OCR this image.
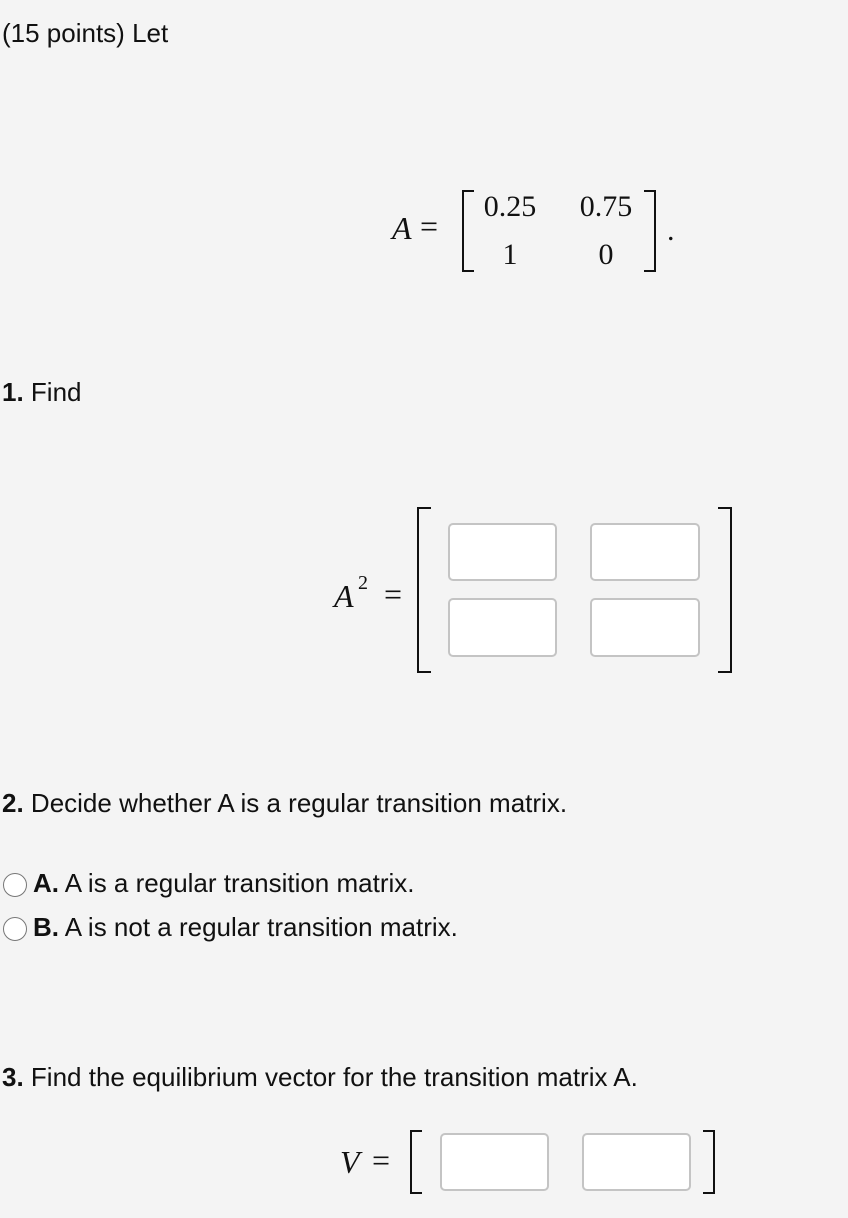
(15 points) Let
A =
0.25 0.75
1	0
.
1. Find
A 2 =
2. Decide whether A is a regular transition matrix.
A. A is a regular transition matrix.
B. A is not a regular transition matrix.
3. Find the equilibrium vector for the transition matrix A.
V =
